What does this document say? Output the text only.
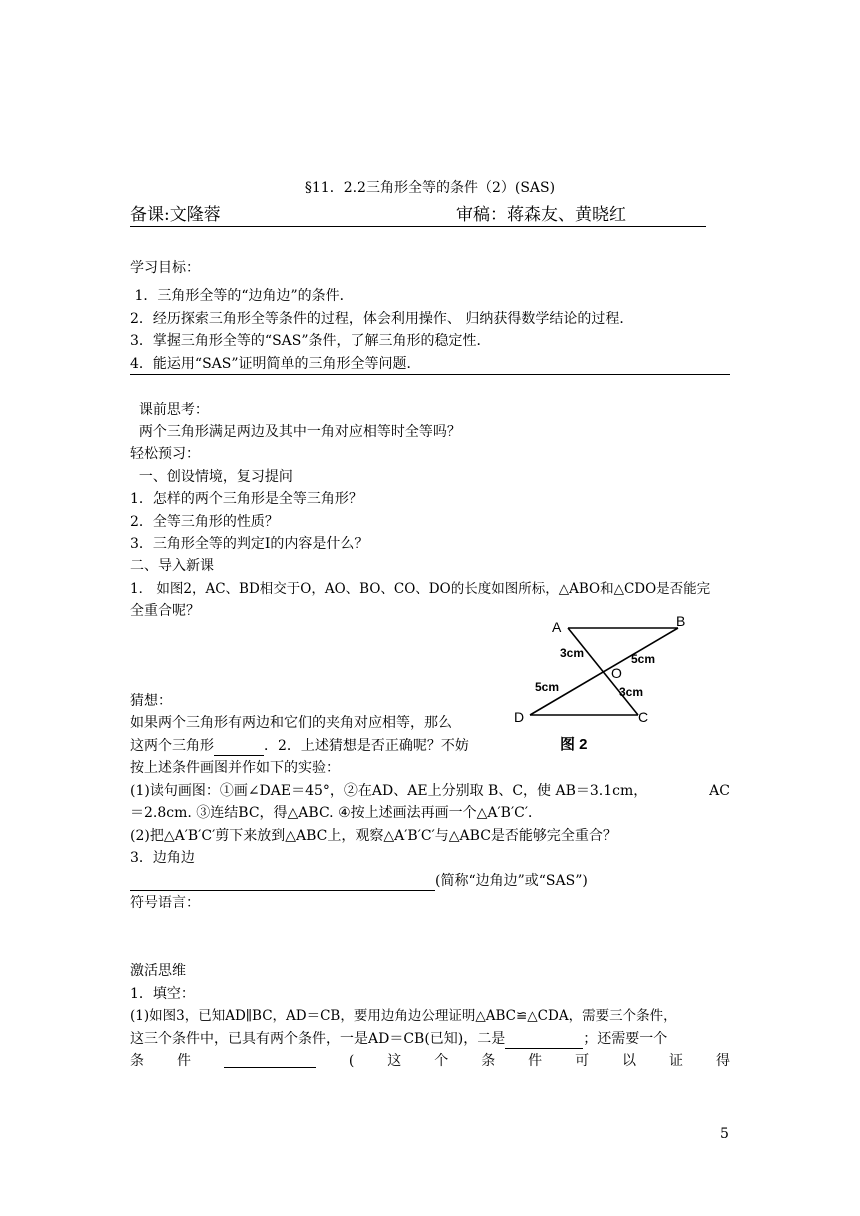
§11．2.2三角形全等的条件（2）(SAS)
备课:文隆蓉	审稿：蒋森友、黄晓红
学习目标：
1．三角形全等的“边角边”的条件．
2．经历探索三角形全等条件的过程，体会利用操作、 归纳获得数学结论的过程．
3．掌握三角形全等的“SAS”条件，了解三角形的稳定性．
4．能运用“SAS”证明简单的三角形全等问题．
课前思考：
两个三角形满足两边及其中一角对应相等时全等吗？
轻松预习：
一、创设情境，复习提问
1．怎样的两个三角形是全等三角形？
2．全等三角形的性质？
3．三角形全等的判定Ⅰ的内容是什么？
二、导入新课
1． 如图2，AC、BD相交于O，AO、BO、CO、DO的长度如图所标，△ABO和△CDO是否能完
全重合呢？
A	B
C
D
O
3cm	5cm
5cm	3cm
图 2
猜想：
如果两个三角形有两边和它们的夹角对应相等，那么
这两个三角形	．2．上述猜想是否正确呢？不妨
按上述条件画图并作如下的实验：
(1)读句画图：①画∠DAE＝45°，②在AD、AE上分别取 B、C，使 AB＝3.1cm，	AC
＝2.8cm. ③连结BC，得△ABC. ④按上述画法再画一个△A′B′C′．
(2)把△A′B′C′剪下来放到△ABC上，观察△A′B′C′与△ABC是否能够完全重合？
3．边角边
(简称“边角边”或“SAS”)
符号语言：
激活思维
1．填空：
(1)如图3，已知AD∥BC，AD＝CB，要用边角边公理证明△ABC≌△CDA，需要三个条件，
这三个条件中，已具有两个条件，一是AD＝CB(已知)，二是	；还需要一个
条 件	( 这 个 条 件 可 以 证 得
5
